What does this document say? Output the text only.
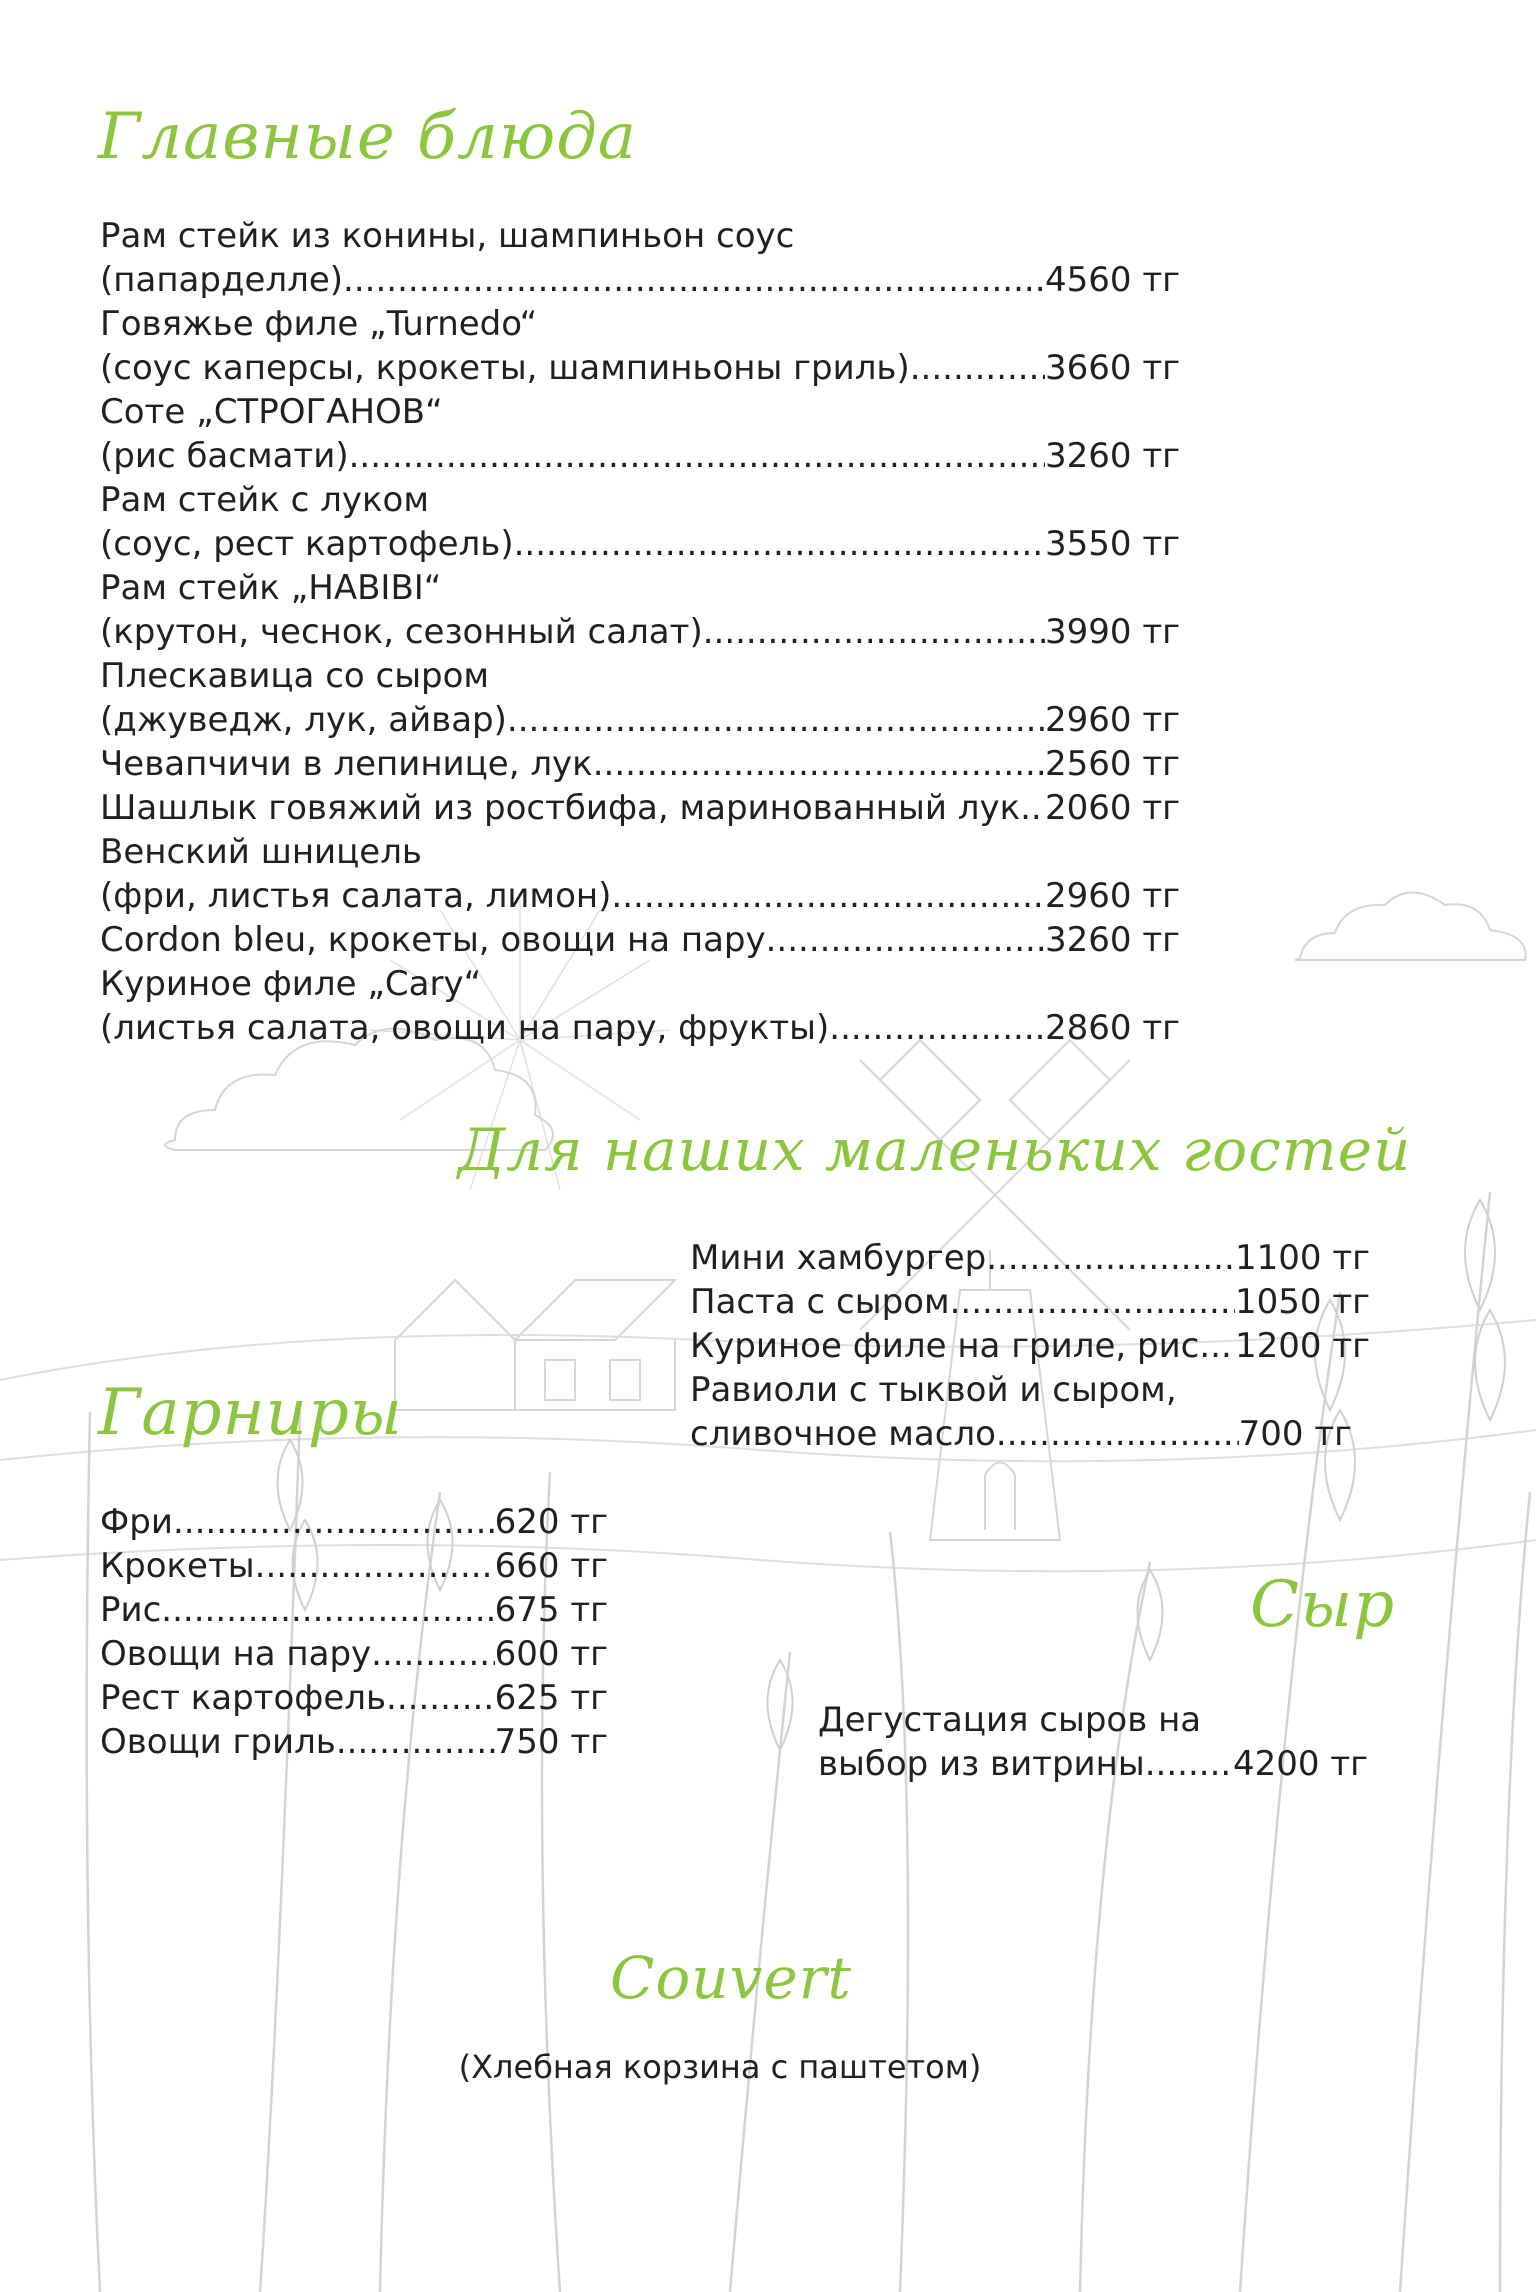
Главные блюда
Рам стейк из конины, шампиньон соус
(папарделле) .....	4560 тг
Говяжье филе „Turnedo“
(соус каперсы, крокеты, шампиньоны гриль) .....	3660 тг
Соте „СТРОГАНОВ“
(рис басмати) .....	3260 тг
Рам стейк с луком
(соус, рест картофель) .....	3550 тг
Рам стейк „HABIBI“
(крутон, чеснок, сезонный салат) .....	3990 тг
Плескавица со сыром
(джуведж, лук, айвар) .....	2960 тг
Чевапчичи в лепинице, лук .....	2560 тг
Шашлык говяжий из ростбифа, маринованный лук ..... 2060 тг
Венский шницель
(фри, листья салата, лимон) .....	2960 тг
Cordon bleu, крокеты, овощи на пару .....	3260 тг
Куриное филе „Cary“
(листья салата, овощи на пару, фрукты) .....	2860 тг
Для наших маленьких гостей
Мини хамбургер .....	1100 тг
Паста с сыром .....	1050 тг
Куриное филе на гриле, рис ..... 1200 тг
Равиоли с тыквой и сыром,
сливочное масло .....	700 тг
Гарниры
Фри .....	620 тг
Крокеты .....	660 тг
Рис .....	675 тг
Овощи на пару .....	600 тг
Рест картофель .....	625 тг
Овощи гриль .....	750 тг
Сыр
Дегустация сыров на
выбор из витрины .....	4200 тг
Couvert
(Хлебная корзина с паштетом)
